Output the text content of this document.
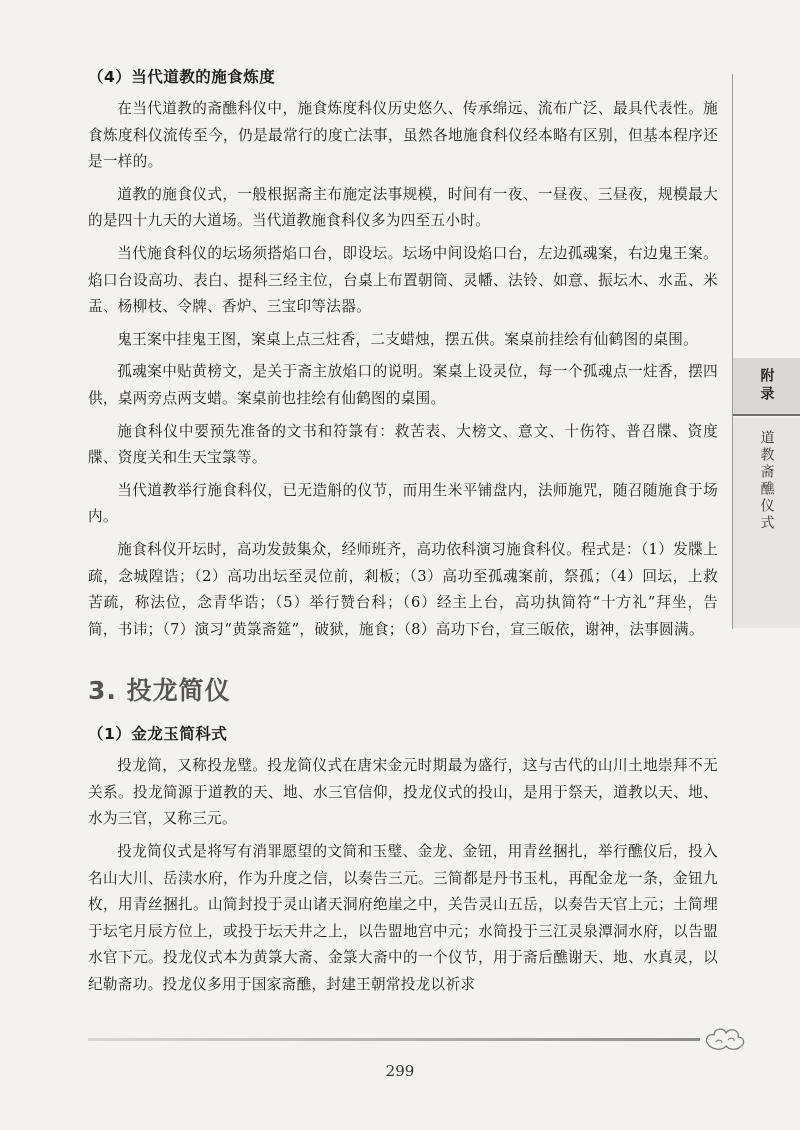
（4）当代道教的施食炼度

在当代道教的斋醮科仪中，施食炼度科仪历史悠久、传承绵远、流布广泛、最具代表性。施食炼度科仪流传至今，仍是最常行的度亡法事，虽然各地施食科仪经本略有区别，但基本程序还是一样的。

道教的施食仪式，一般根据斋主布施定法事规模，时间有一夜、一昼夜、三昼夜，规模最大的是四十九天的大道场。当代道教施食科仪多为四至五小时。

当代施食科仪的坛场须搭焰口台，即设坛。坛场中间设焰口台，左边孤魂案，右边鬼王案。焰口台设高功、表白、提科三经主位，台桌上布置朝筒、灵幡、法铃、如意、振坛木、水盂、米盂、杨柳枝、令牌、香炉、三宝印等法器。

鬼王案中挂鬼王图，案桌上点三炷香，二支蜡烛，摆五供。案桌前挂绘有仙鹤图的桌围。

孤魂案中贴黄榜文，是关于斋主放焰口的说明。案桌上设灵位，每一个孤魂点一炷香，摆四供，桌两旁点两支蜡。案桌前也挂绘有仙鹤图的桌围。

施食科仪中要预先准备的文书和符箓有：救苦表、大榜文、意文、十伤符、普召牒、资度牒、资度关和生天宝箓等。

当代道教举行施食科仪，已无造斛的仪节，而用生米平铺盘内，法师施咒，随召随施食于场内。

施食科仪开坛时，高功发鼓集众，经师班齐，高功依科演习施食科仪。程式是：（1）发牒上疏，念城隍诰；（2）高功出坛至灵位前，剎板；（3）高功至孤魂案前，祭孤；（4）回坛，上救苦疏，称法位，念青华诰；（5）举行赞台科；（6）经主上台，高功执简符“十方礼”拜坐，告简，书讳；（7）演习“黄箓斋筵”，破狱，施食；（8）高功下台，宣三皈依，谢神，法事圆满。

3. 投龙简仪
（1）金龙玉简科式

投龙简，又称投龙璧。投龙简仪式在唐宋金元时期最为盛行，这与古代的山川土地崇拜不无关系。投龙简源于道教的天、地、水三官信仰，投龙仪式的投山，是用于祭天，道教以天、地、水为三官，又称三元。

投龙简仪式是将写有消罪愿望的文简和玉璧、金龙、金钮，用青丝捆扎，举行醮仪后，投入名山大川、岳渎水府，作为升度之信，以奏告三元。三简都是丹书玉札，再配金龙一条，金钮九枚，用青丝捆扎。山简封投于灵山诸天洞府绝崖之中，关告灵山五岳，以奏告天官上元；土简埋于坛宅月辰方位上，或投于坛天井之上，以告盟地宫中元；水简投于三江灵泉潭洞水府，以告盟水官下元。投龙仪式本为黄箓大斋、金箓大斋中的一个仪节，用于斋后醮谢天、地、水真灵，以纪勒斋功。投龙仪多用于国家斋醮，封建王朝常投龙以祈求

附录
道教斋醮仪式
299
